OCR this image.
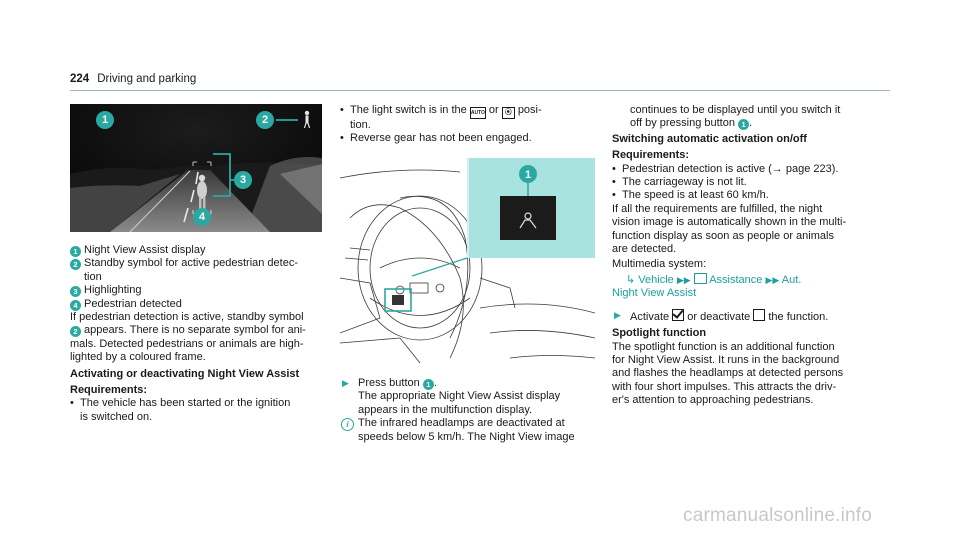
224 Driving and parking
1	2
3
4
1 Night View Assist display
2 Standby symbol for active pedestrian detec-
tion
3 Highlighting
4 Pedestrian detected
If pedestrian detection is active, standby symbol
2 appears. There is no separate symbol for ani-
mals. Detected pedestrians or animals are high-
lighted by a coloured frame.
Activating or deactivating Night View Assist
Requirements:
• The vehicle has been started or the ignition
is switched on.
• The light switch is in the AUTO or ⦿ posi-
tion.
• Reverse gear has not been engaged.
1
▶ Press button 1 .
The appropriate Night View Assist display
appears in the multifunction display.
i The infrared headlamps are deactivated at
speeds below 5 km/h. The Night View image
continues to be displayed until you switch it
off by pressing button 1 .
Switching automatic activation on/off
Requirements:
• Pedestrian detection is active (→ page 223).
• The carriageway is not lit.
• The speed is at least 60 km/h.
If all the requirements are fulfilled, the night
vision image is automatically shown in the multi-
function display as soon as people or animals
are detected.
Multimedia system:
↳ Vehicle ▶▶ Assistance ▶▶ Aut.
Night View Assist
▶ Activate or deactivate the function.
Spotlight function
The spotlight function is an additional function
for Night View Assist. It runs in the background
and flashes the headlamps at detected persons
with four short impulses. This attracts the driv-
er's attention to approaching pedestrians.
carmanualsonline.info
